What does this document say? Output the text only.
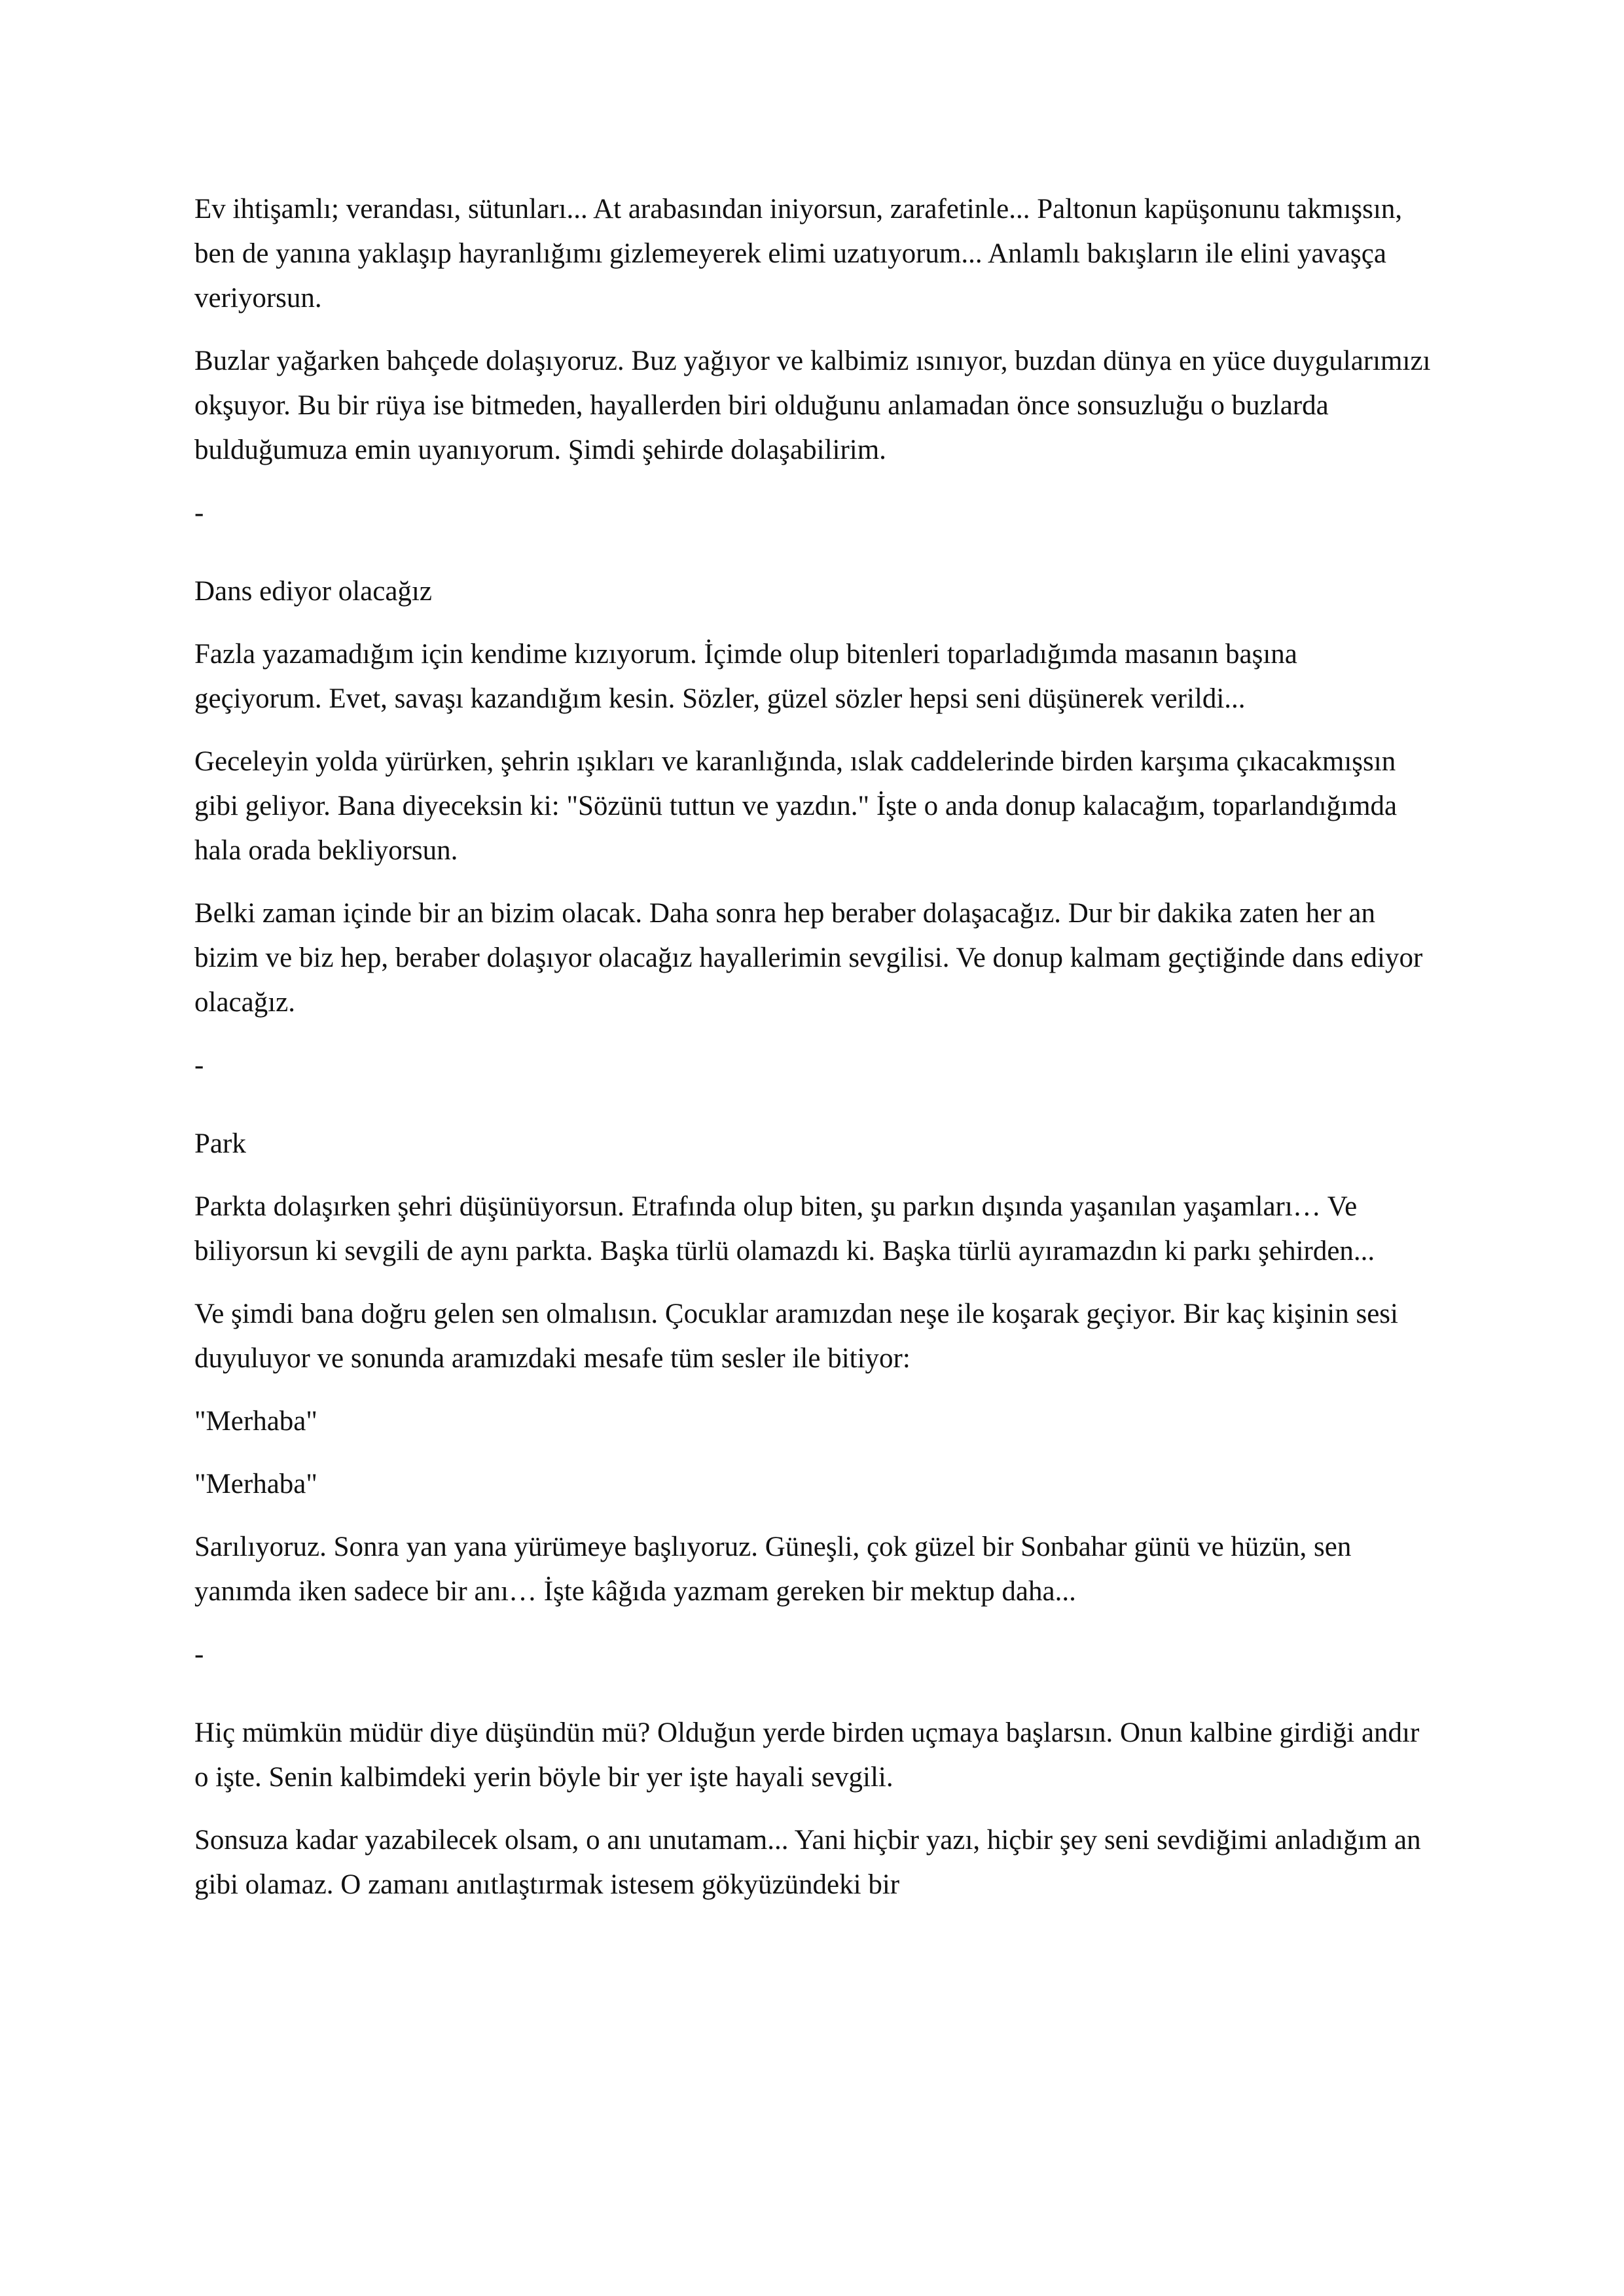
Ev ihtişamlı; verandası, sütunları... At arabasından iniyorsun, zarafetinle... Paltonun kapüşonunu takmışsın, ben de yanına yaklaşıp hayranlığımı gizlemeyerek elimi uzatıyorum... Anlamlı bakışların ile elini yavaşça veriyorsun.

Buzlar yağarken bahçede dolaşıyoruz. Buz yağıyor ve kalbimiz ısınıyor, buzdan dünya en yüce duygularımızı okşuyor. Bu bir rüya ise bitmeden, hayallerden biri olduğunu anlamadan önce sonsuzluğu o buzlarda bulduğumuza emin uyanıyorum. Şimdi şehirde dolaşabilirim.

-

Dans ediyor olacağız

Fazla yazamadığım için kendime kızıyorum. İçimde olup bitenleri toparladığımda masanın başına geçiyorum. Evet, savaşı kazandığım kesin. Sözler, güzel sözler hepsi seni düşünerek verildi...

Geceleyin yolda yürürken, şehrin ışıkları ve karanlığında, ıslak caddelerinde birden karşıma çıkacakmışsın gibi geliyor. Bana diyeceksin ki: "Sözünü tuttun ve yazdın." İşte o anda donup kalacağım, toparlandığımda hala orada bekliyorsun.

Belki zaman içinde bir an bizim olacak. Daha sonra hep beraber dolaşacağız. Dur bir dakika zaten her an bizim ve biz hep, beraber dolaşıyor olacağız hayallerimin sevgilisi. Ve donup kalmam geçtiğinde dans ediyor olacağız.

-

Park

Parkta dolaşırken şehri düşünüyorsun. Etrafında olup biten, şu parkın dışında yaşanılan yaşamları… Ve biliyorsun ki sevgili de aynı parkta. Başka türlü olamazdı ki. Başka türlü ayıramazdın ki parkı şehirden...

Ve şimdi bana doğru gelen sen olmalısın. Çocuklar aramızdan neşe ile koşarak geçiyor. Bir kaç kişinin sesi duyuluyor ve sonunda aramızdaki mesafe tüm sesler ile bitiyor:

"Merhaba"

"Merhaba"

Sarılıyoruz. Sonra yan yana yürümeye başlıyoruz. Güneşli, çok güzel bir Sonbahar günü ve hüzün, sen yanımda iken sadece bir anı… İşte kâğıda yazmam gereken bir mektup daha...

-

Hiç mümkün müdür diye düşündün mü? Olduğun yerde birden uçmaya başlarsın. Onun kalbine girdiği andır o işte. Senin kalbimdeki yerin böyle bir yer işte hayali sevgili.

Sonsuza kadar yazabilecek olsam, o anı unutamam... Yani hiçbir yazı, hiçbir şey seni sevdiğimi anladığım an gibi olamaz. O zamanı anıtlaştırmak istesem gökyüzündeki bir
